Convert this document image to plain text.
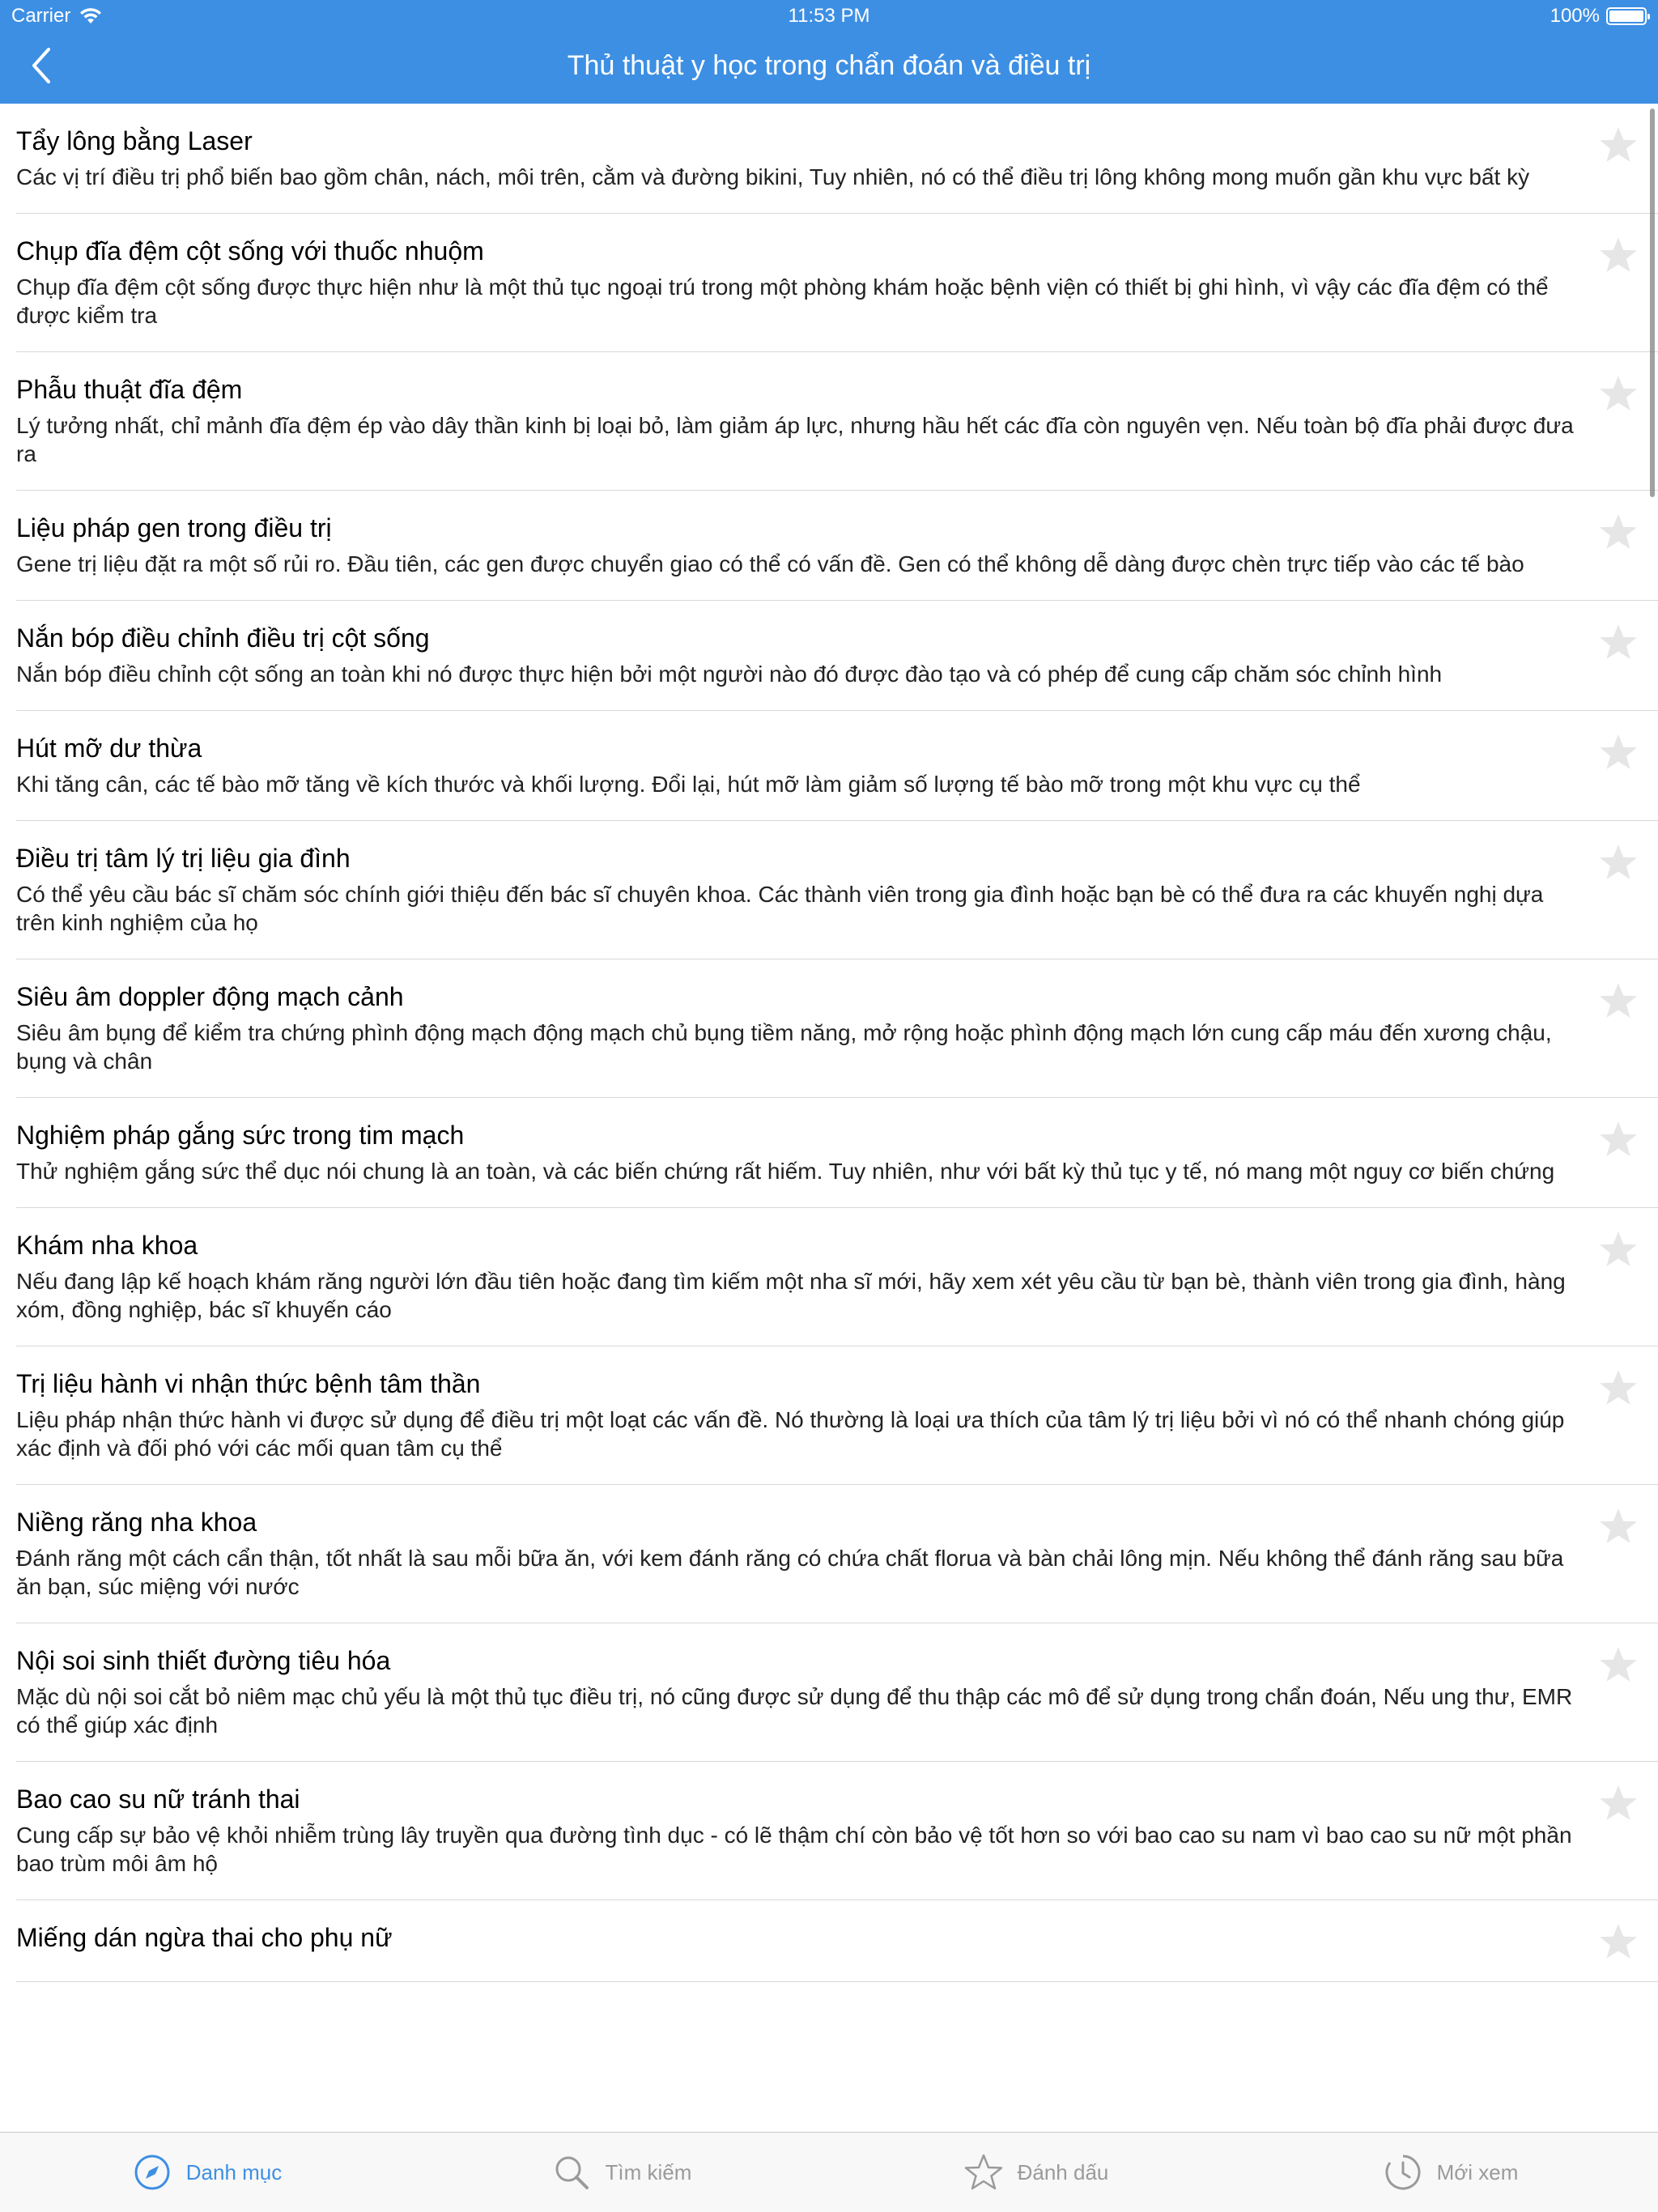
Carrier	11:53 PM	100%
Thủ thuật y học trong chẩn đoán và điều trị
Tẩy lông bằng Laser
Các vị trí điều trị phổ biến bao gồm chân, nách, môi trên, cằm và đường bikini, Tuy nhiên, nó có thể điều trị lông không mong muốn gần khu vực bất kỳ
Chụp đĩa đệm cột sống với thuốc nhuộm
Chụp đĩa đệm cột sống được thực hiện như là một thủ tục ngoại trú trong một phòng khám hoặc bệnh viện có thiết bị ghi hình, vì vậy các đĩa đệm có thể được kiểm tra
Phẫu thuật đĩa đệm
Lý tưởng nhất, chỉ mảnh đĩa đệm ép vào dây thần kinh bị loại bỏ, làm giảm áp lực, nhưng hầu hết các đĩa còn nguyên vẹn. Nếu toàn bộ đĩa phải được đưa ra
Liệu pháp gen trong điều trị
Gene trị liệu đặt ra một số rủi ro. Đầu tiên, các gen được chuyển giao có thể có vấn đề. Gen có thể không dễ dàng được chèn trực tiếp vào các tế bào
Nắn bóp điều chỉnh điều trị cột sống
Nắn bóp điều chỉnh cột sống an toàn khi nó được thực hiện bởi một người nào đó được đào tạo và có phép để cung cấp chăm sóc chỉnh hình
Hút mỡ dư thừa
Khi tăng cân, các tế bào mỡ tăng về kích thước và khối lượng. Đổi lại, hút mỡ làm giảm số lượng tế bào mỡ trong một khu vực cụ thể
Điều trị tâm lý trị liệu gia đình
Có thể yêu cầu bác sĩ chăm sóc chính giới thiệu đến bác sĩ chuyên khoa. Các thành viên trong gia đình hoặc bạn bè có thể đưa ra các khuyến nghị dựa trên kinh nghiệm của họ
Siêu âm doppler động mạch cảnh
Siêu âm bụng để kiểm tra chứng phình động mạch động mạch chủ bụng tiềm năng, mở rộng hoặc phình động mạch lớn cung cấp máu đến xương chậu, bụng và chân
Nghiệm pháp gắng sức trong tim mạch
Thử nghiệm gắng sức thể dục nói chung là an toàn, và các biến chứng rất hiếm. Tuy nhiên, như với bất kỳ thủ tục y tế, nó mang một nguy cơ biến chứng
Khám nha khoa
Nếu đang lập kế hoạch khám răng người lớn đầu tiên hoặc đang tìm kiếm một nha sĩ mới, hãy xem xét yêu cầu từ bạn bè, thành viên trong gia đình, hàng xóm, đồng nghiệp, bác sĩ khuyến cáo
Trị liệu hành vi nhận thức bệnh tâm thần
Liệu pháp nhận thức hành vi được sử dụng để điều trị một loạt các vấn đề. Nó thường là loại ưa thích của tâm lý trị liệu bởi vì nó có thể nhanh chóng giúp xác định và đối phó với các mối quan tâm cụ thể
Niềng răng nha khoa
Đánh răng một cách cẩn thận, tốt nhất là sau mỗi bữa ăn, với kem đánh răng có chứa chất florua và bàn chải lông mịn. Nếu không thể đánh răng sau bữa ăn bạn, súc miệng với nước
Nội soi sinh thiết đường tiêu hóa
Mặc dù nội soi cắt bỏ niêm mạc chủ yếu là một thủ tục điều trị, nó cũng được sử dụng để thu thập các mô để sử dụng trong chẩn đoán, Nếu ung thư, EMR có thể giúp xác định
Bao cao su nữ tránh thai
Cung cấp sự bảo vệ khỏi nhiễm trùng lây truyền qua đường tình dục - có lẽ thậm chí còn bảo vệ tốt hơn so với bao cao su nam vì bao cao su nữ một phần bao trùm môi âm hộ
Miếng dán ngừa thai cho phụ nữ
Danh mục	Tìm kiếm	Đánh dấu	Mới xem
